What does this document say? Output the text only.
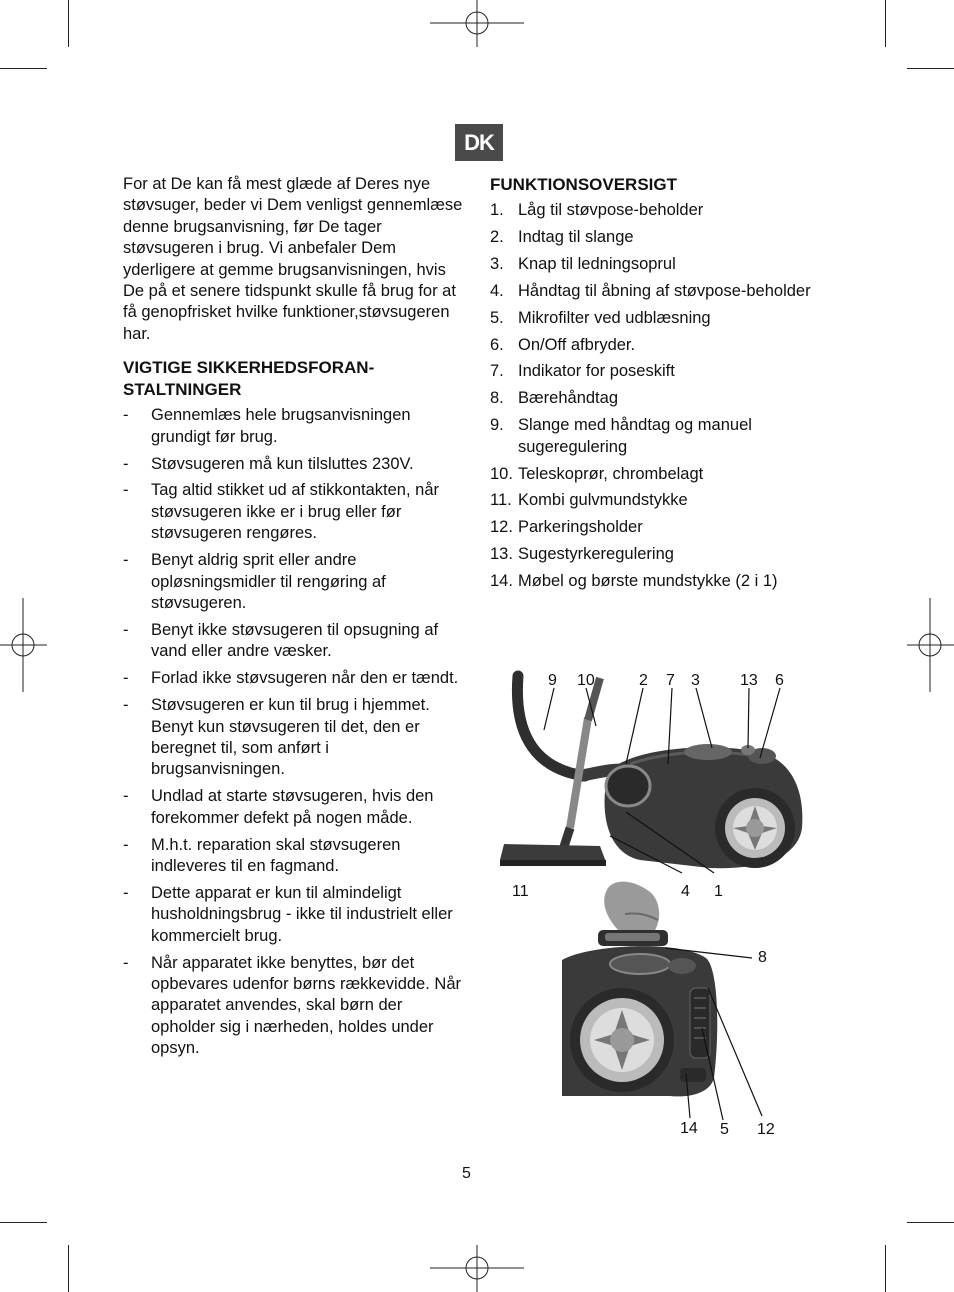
DK

For at De kan få mest glæde af Deres nye støvsuger, beder vi Dem venligst gennemlæse denne brugsanvisning, før De tager støvsugeren i brug. Vi anbefaler Dem yderligere at gemme brugsanvisningen, hvis De på et senere tidspunkt skulle få brug for at få genopfrisket hvilke funktioner,støvsugeren har.

VIGTIGE SIKKERHEDSFORAN-
STALTNINGER
- Gennemlæs hele brugsanvisningen grundigt før brug.
- Støvsugeren må kun tilsluttes 230V.
- Tag altid stikket ud af stikkontakten, når støvsugeren ikke er i brug eller før støvsugeren rengøres.
- Benyt aldrig sprit eller andre opløsningsmidler til rengøring af støvsugeren.
- Benyt ikke støvsugeren til opsugning af vand eller andre væsker.
- Forlad ikke støvsugeren når den er tændt.
- Støvsugeren er kun til brug i hjemmet. Benyt kun støvsugeren til det, den er beregnet til, som anført i brugsanvisningen.
- Undlad at starte støvsugeren, hvis den forekommer defekt på nogen måde.
- M.h.t. reparation skal støvsugeren indleveres til en fagmand.
- Dette apparat er kun til almindeligt husholdningsbrug - ikke til industrielt eller kommercielt brug.
- Når apparatet ikke benyttes, bør det opbevares udenfor børns rækkevidde. Når apparatet anvendes, skal børn der opholder sig i nærheden, holdes under opsyn.
FUNKTIONSOVERSIGT
1. Låg til støvpose-beholder
2. Indtag til slange
3. Knap til ledningsoprul
4. Håndtag til åbning af støvpose-beholder
5. Mikrofilter ved udblæsning
6. On/Off afbryder.
7. Indikator for poseskift
8. Bærehåndtag
9. Slange med håndtag og manuel sugeregulering
10. Teleskoprør, chrombelagt
11. Kombi gulvmundstykke
12. Parkeringsholder
13. Sugestyrkeregulering
14. Møbel og børste mundstykke (2 i 1)
9 10	2 7 3	13 6
11	4 1
8
14 5 12
5
